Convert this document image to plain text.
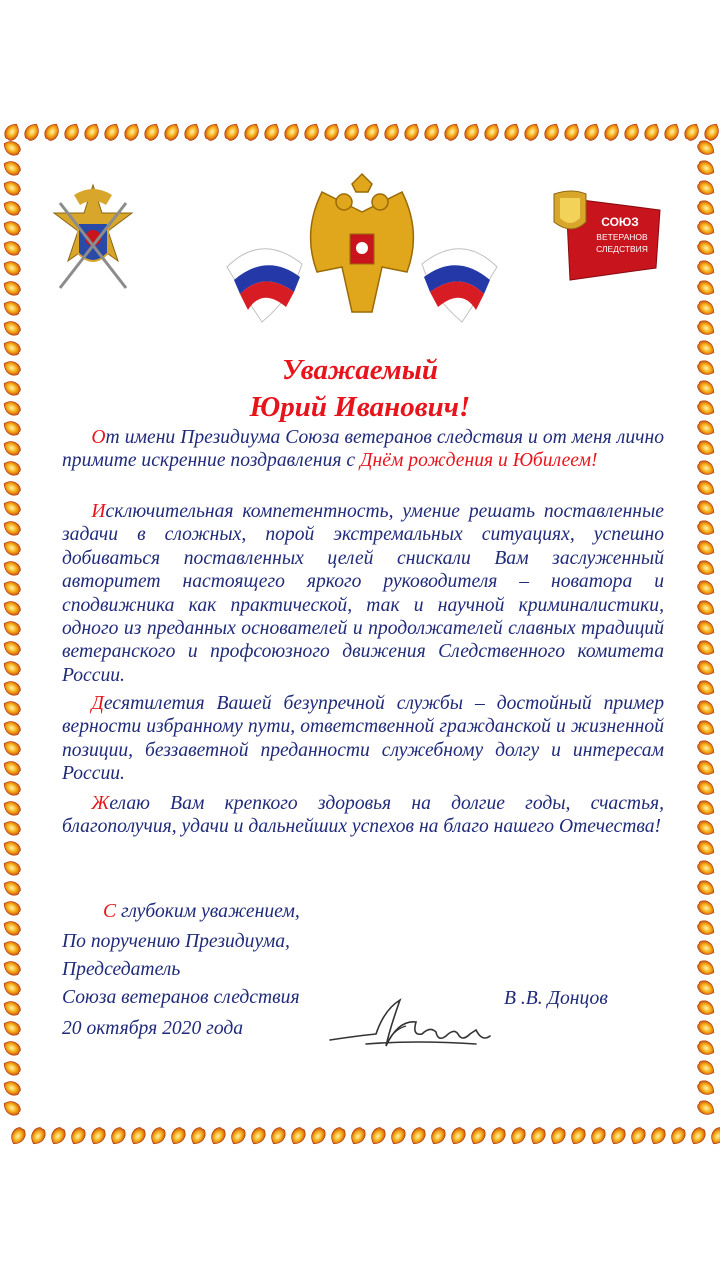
СОЮЗ
ВЕТЕРАНОВ
СЛЕДСТВИЯ
Уважаемый
Юрий Иванович!
  От имени Президиума Союза ветеранов следствия и от меня лично примите искренние поздравления с Днём рождения и Юбилеем!
  Исключительная компетентность, умение решать поставленные задачи в сложных, порой экстремальных ситуациях, успешно добиваться поставленных целей снискали Вам заслуженный авторитет настоящего яркого руководителя – новатора и сподвижника как практической, так и научной криминалистики, одного из преданных основателей и продолжателей славных традиций ветеранского и профсоюзного движения Следственного комитета России.
  Десятилетия Вашей безупречной службы – достойный пример верности избранному пути, ответственной гражданской и жизненной позиции, беззаветной преданности служебному долгу и интересам России.
  Желаю Вам крепкого здоровья на долгие годы, счастья, благополучия, удачи и дальнейших успехов на благо нашего Отечества!
С глубоким уважением,
По поручению Президиума,
Председатель
Союза ветеранов следствия
20 октября 2020 года
В .В. Донцов
